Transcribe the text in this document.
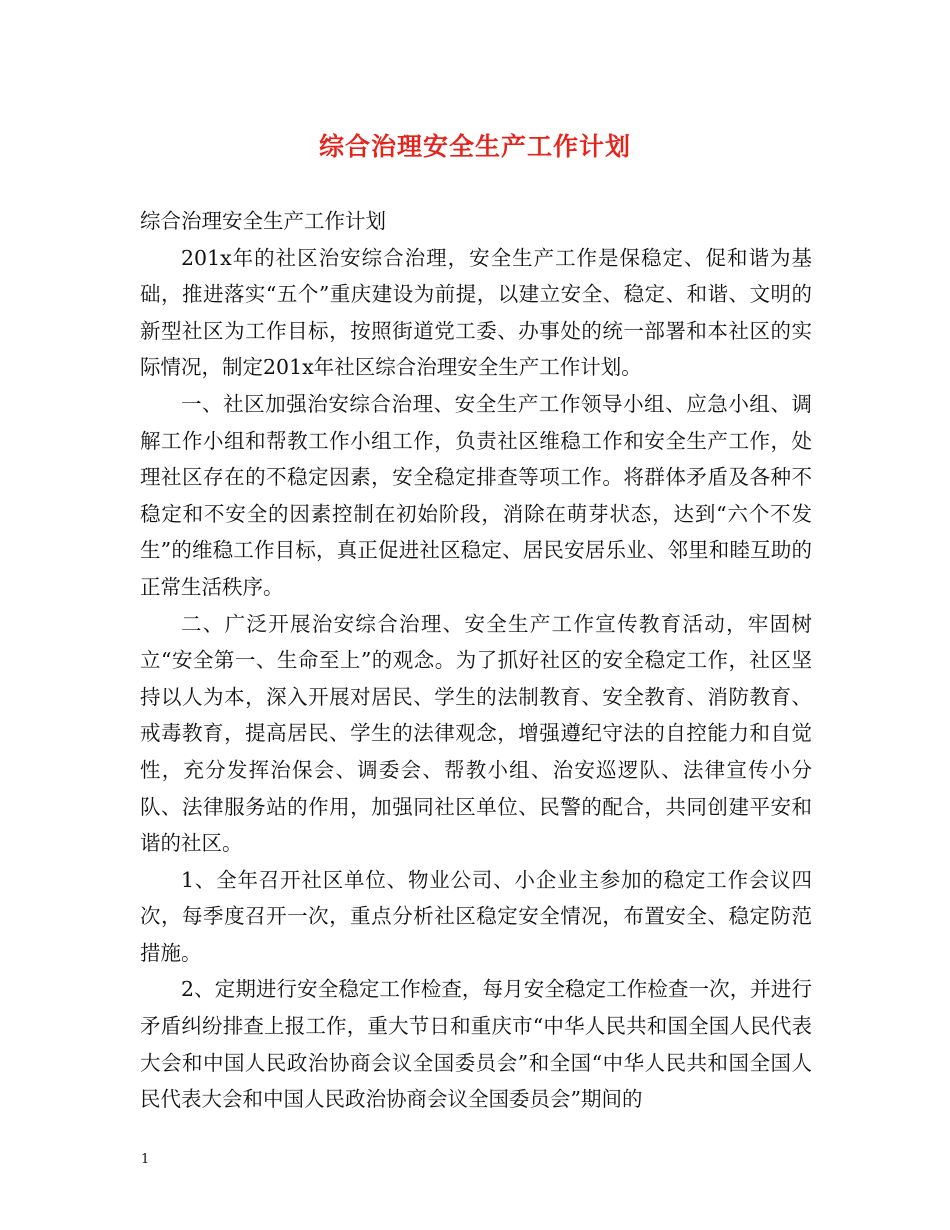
综合治理安全生产工作计划

综合治理安全生产工作计划

201x年的社区治安综合治理，安全生产工作是保稳定、促和谐为基础，推进落实“五个”重庆建设为前提，以建立安全、稳定、和谐、文明的新型社区为工作目标，按照街道党工委、办事处的统一部署和本社区的实际情况，制定201x年社区综合治理安全生产工作计划。

一、社区加强治安综合治理、安全生产工作领导小组、应急小组、调解工作小组和帮教工作小组工作，负责社区维稳工作和安全生产工作，处理社区存在的不稳定因素，安全稳定排查等项工作。将群体矛盾及各种不稳定和不安全的因素控制在初始阶段，消除在萌芽状态，达到“六个不发生”的维稳工作目标，真正促进社区稳定、居民安居乐业、邻里和睦互助的正常生活秩序。

二、广泛开展治安综合治理、安全生产工作宣传教育活动，牢固树立“安全第一、生命至上”的观念。为了抓好社区的安全稳定工作，社区坚持以人为本，深入开展对居民、学生的法制教育、安全教育、消防教育、戒毒教育，提高居民、学生的法律观念，增强遵纪守法的自控能力和自觉性，充分发挥治保会、调委会、帮教小组、治安巡逻队、法律宣传小分队、法律服务站的作用，加强同社区单位、民警的配合，共同创建平安和谐的社区。

1、全年召开社区单位、物业公司、小企业主参加的稳定工作会议四次，每季度召开一次，重点分析社区稳定安全情况，布置安全、稳定防范措施。

2、定期进行安全稳定工作检查，每月安全稳定工作检查一次，并进行矛盾纠纷排查上报工作，重大节日和重庆市“中华人民共和国全国人民代表大会和中国人民政治协商会议全国委员会”和全国“中华人民共和国全国人民代表大会和中国人民政治协商会议全国委员会”期间的

1
